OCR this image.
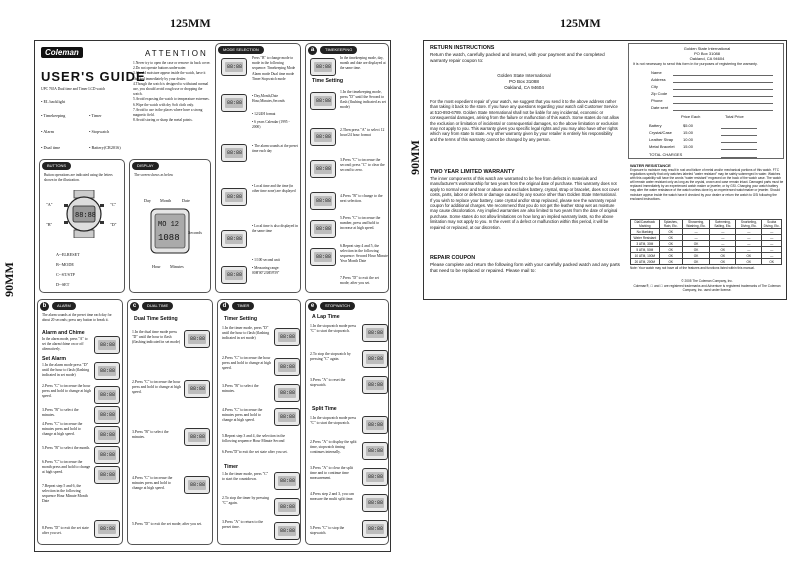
125MM	125MM
90MM
90MM
Coleman
USER'S GUIDE
UPC 765A Dual time and Timer LCD watch
• EL backlight
• Timekeeping	• Timer
• Alarm	• Stopwatch
• Dual time	• Battery(CR2016)
ATTENTION
1.Never try to open the case or remove its back cover.
2.Do not operate buttons underwater.
3.Should moisture appear inside the watch, have it checked immediately by your dealer.
4.Though the watch is designed to withstand normal use, you should avoid rough use or dropping the watch.
5.Avoid exposing the watch to temperature extremes.
6.Wipe the watch with dry Soft cloth only.
7.Avoid to use in the places where have a strong magnetic field.
8.Avoid storing or sharp the metal points.
BUTTONS
Button operations are indicated using the letters shown in the illustration.
"A"
"B"
"C"
"D"
88:88
A--ELRESET
B--MODE
C--ST/STP
D--SET
DISPLAY
The screen shows as below
Day Month	Date
MO 12
1088
Seconds
Hour Minutes
MODE SELECTION
Press "B" to change mode to mode in the following sequence: Timekeeping Mode Alarm mode Dual time mode Timer Stopwatch mode
88:88
• Day,Month,Date Hour,Minutes,Seconds
88:88
• 12/24H format
• 6 years Calendar (1995 - 2000)
88:88
• The alarm sounds at the preset time each day
88:88
• Local time and the time (in other time zone) are displayed
88:88
• Local time is also displayed in the same time
88:88
• 1/100 second unit
• Measuring range: 00H'00"23H59'59"
a	TIMEKEEPING
In the timekeeping mode, day, month and date are displayed at the same time.
88:88
Time Setting
88:88
1.In the timekeeping mode, press "D" until the Second to flash (flashing indicated as set mode)
88:88
2.Then press "A" to select 12 hour/24 hour format
88:88
3.Press "C" to increase the second; press "C" to clear the second to zero.
88:88
4.Press "B" to change to the next selection.
88:88
5.Press "C" to increase the number, press and hold to increase at high speed.
88:88
6.Repeat step 4 and 5, the selection in the following sequence: Second Hour Minute Year Month Date
7.Press "D" to exit the set mode; after you set.
b	ALARM
The alarm sounds at the preset time each day for about 20 seconds; press any button to break it.
Alarm and Chime
In the alarm mode, press "A" to set the alarm/chime on or off alternatively.
88:88
Set Alarm
1.In the alarm mode press "D" until the hour to flash (flashing indicated in set mode)
88:88
2.Press "C" to increase the hour press and hold to change at high speed.
88:88
3.Press "B" to select the minutes.
88:88
4.Press "C" to increase the minutes press and hold to change at high speed.
88:88
5.Press "B" to select the month.
88:88
6.Press "C" to increase the month press and hold to change at high speed.
88:88
7.Repeat step 5 and 6, the selection in the following sequence Hour Minute Month Date
8.Press "D" to exit the set state after you set.
88:88
c	DUAL TIME
Dual Time Setting
1.In the dual time mode press "D" until the hour to flash (flashing indicated in set mode)
88:88
2.Press "C" to increase the hour press and hold to change at high speed.
88:88
3.Press "B" to select the minutes.
88:88
4.Press "C" to increase the minutes press and hold to change at high speed.
88:88
5.Press "D" to exit the set mode; after you set.
d	TIMER
Timer Setting
1.In the timer mode, press "D" until the hour to flash (flashing indicated in set mode)
88:88
2.Press "C" to increase the hour press and hold to change at high speed.
88:88
3.Press "B" to select the minutes.
88:88
4.Press "C" to increase the minutes press and hold to change at high speed.
88:88
5.Repeat step 3 and 4, the selection in the following sequence Hour Minute Second
6.Press"D"to exit the set state after you set.
Timer
1.In the timer mode, press "C" to start the countdown.
88:88
2.To stop the timer by pressing "C" again.
88:88
3.Press "A" to return to the preset time.
88:88
e	STOPWATCH
A Lap Time
1.In the stopwatch mode press "C" to start the stopwatch.
88:88
2.To stop the stopwatch by pressing "C" again.
88:88
3.Press "A" to reset the stopwatch.
88:88
Split Time
1.In the stopwatch mode press "C" to start the stopwatch.
88:88
2.Press "A" to display the split time, stopwatch timing continues internally.
88:88
3.Press "A" to clear the split time and to continue time measurement.
88:88
4.Press step 2 and 3, you can measure the multi split time.
88:88
5.Press "C" to stop the stopwatch.
88:88
RETURN INSTRUCTIONS
Return the watch, carefully packed and insured, with your payment and the completed warranty repair coupon to:
Golden State International
PO Box 31088
Oakland, CA 94604
For the most expedient repair of your watch, we suggest that you send it to the above address rather than taking it back to the store. If you have any questions regarding your watch call Customer Service at 510-893-6789. Golden State International shall not be liable for any incidental, economic or consequential damages, arising from the failure or malfunction of this watch. Some states do not allow the exclusion or limitation of incidental or consequential damages, so the above limitation or exclusion may not apply to you. This warranty gives you specific legal rights and you may also have other rights which vary from state to state. Any other warranty given by your retailer is entirely his responsibility and the terms of this warranty cannot be changed by any person.
TWO YEAR LIMITED WARRANTY
The inner components of this watch are warranted to be free from defects in materials and manufacturer's workmanship for two years from the original date of purchase. This warranty does not apply to normal wear and tear or abuse and excludes battery, crystal, strap or bracelet, does not cover costs, parts, labor or defects or damage caused by any source other than Golden State International. If you wish to replace your battery, case crystal and/or strap replaced, please see the warranty repair coupon for additional charges. We recommend that you do not get the leather strap wet as moisture may cause discoloration. Any implied warranties are also limited to two years from the date of original purchase. Some states do not allow limitations on how long an implied warranty lasts, so the above limitation may not apply to you. In the event of a defect or malfunction within this period, it will be repaired or replaced, at our discretion.
REPAIR COUPON
Please complete and return the following form with your carefully packed watch and any parts that need to be replaced or repaired. Please mail to:
Golden State International
PO Box 31088
Oakland, CA 94604
It is not necessary to send this form in for purposes of registering the warranty.
Name
Address
City
Zip Code
Phone
Date sent
Price Each	Total Price
Battery	$5.00
Crystal/Case	15.00
Leather Strap 10.00
Metal Bracelet 15.00
TOTAL CHARGES
WATER RESISTANCE
Exposure to moisture may result in rust and failure of metal and/or mechanical portions of this watch. FTC regulations specify that only watches labeled "water resistant" may be safely submerged in water. Watches with this capability will have the words "water resistant" engraved on the back of the watch case. The watch will remain water resistant only as long as the crystal, crown and case remain intact. Damaged parts must be replaced immediately by an experienced watch maker or jeweler, or by GSI. Changing your watch battery may alter the water resistance of the watch unless done by an experienced watchmaker or jeweler. Should moisture appear inside the watch have it checked by your dealer or return the watch to GSI following the enclosed instructions.
Dial/Caseback Marking	Splashes, Rain, Etc.	Showering, Washing, Etc.	Swimming, Sailing, Etc.	Snorkeling, Diving, Etc.	Scuba Diving, Etc.
No Marking	OK	—	—	—	—
Water Resistant	OK	—	—	—	—
3 ATM, 30M	OK	OK	—	—	—
5 ATM, 50M	OK	OK	OK	—	—
10 ATM, 100M	OK	OK	OK	OK	—
20 ATM, 200M	OK	OK	OK	OK	OK
Note: Your watch may not have all of the features and functions listed within this manual.
© 2005 The Coleman Company, Inc.
Coleman®, ☐ and ☐ are registered trademarks and Adventure is registered trademarks of The Coleman Company, Inc. used under license.
